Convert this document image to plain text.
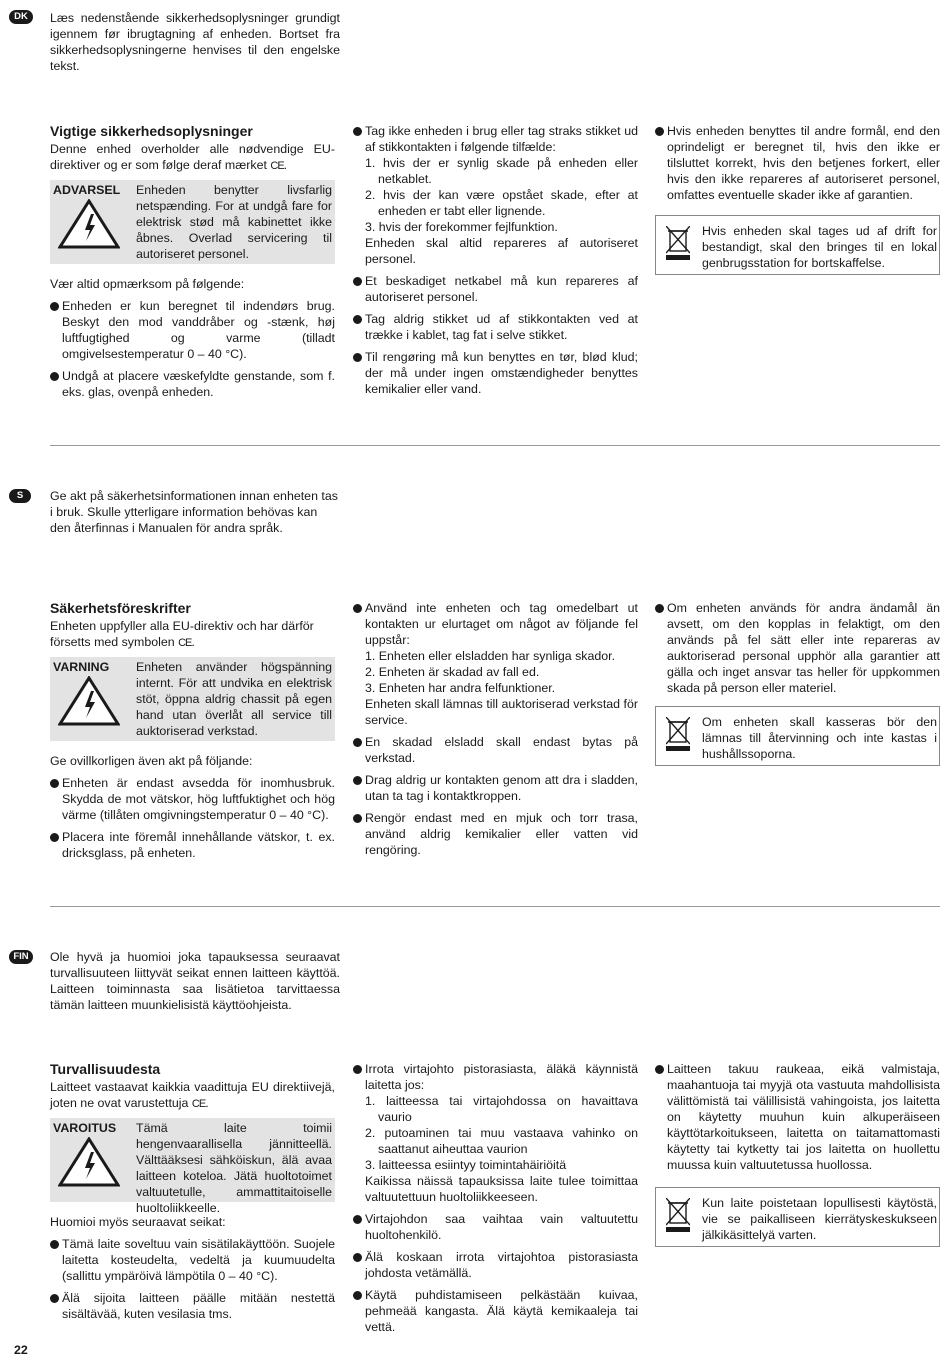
DK	Læs nedenstående sikkerhedsoplysninger grundigt igennem før ibrugtagning af enheden. Bortset fra sikkerhedsoplysningerne henvises til den engelske tekst.

Vigtige sikkerhedsoplysninger

Denne enhed overholder alle nødvendige EU-direktiver og er som følge deraf mærket CE.

ADVARSEL Enheden benytter livsfarlig netspænding. For at undgå fare for elektrisk stød må kabinettet ikke åbnes. Overlad servicering til autoriseret personel.

Vær altid opmærksom på følgende:

Enheden er kun beregnet til indendørs brug. Beskyt den mod vanddråber og -stænk, høj luftfugtighed og varme (tilladt omgivelsestemperatur 0 – 40 °C).
Undgå at placere væskefyldte genstande, som f. eks. glas, ovenpå enheden.
Tag ikke enheden i brug eller tag straks stikket ud af stikkontakten i følgende tilfælde:

1. hvis der er synlig skade på enheden eller netkablet.

2. hvis der kan være opstået skade, efter at enheden er tabt eller lignende.

3. hvis der forekommer fejlfunktion.

Enheden skal altid repareres af autoriseret personel.

Et beskadiget netkabel må kun repareres af autoriseret personel.
Tag aldrig stikket ud af stikkontakten ved at trække i kablet, tag fat i selve stikket.
Til rengøring må kun benyttes en tør, blød klud; der må under ingen omstændigheder benyttes kemikalier eller vand.
Hvis enheden benyttes til andre formål, end den oprindeligt er beregnet til, hvis den ikke er tilsluttet korrekt, hvis den betjenes forkert, eller hvis den ikke repareres af autoriseret personel, omfattes eventuelle skader ikke af garantien.

Hvis enheden skal tages ud af drift for bestandigt, skal den bringes til en lokal genbrugsstation for bortskaffelse.

S	Ge akt på säkerhetsinformationen innan enheten tas i bruk. Skulle ytterligare information behövas kan den återfinnas i Manualen för andra språk.

Säkerhetsföreskrifter

Enheten uppfyller alla EU-direktiv och har därför försetts med symbolen CE.

VARNING Enheten använder högspänning internt. För att undvika en elektrisk stöt, öppna aldrig chassit på egen hand utan överlåt all service till auktoriserad verkstad.

Ge ovillkorligen även akt på följande:

Enheten är endast avsedda för inomhusbruk. Skydda de mot vätskor, hög luftfuktighet och hög värme (tillåten omgivningstemperatur 0 – 40 °C).
Placera inte föremål innehållande vätskor, t. ex. dricksglass, på enheten.
Använd inte enheten och tag omedelbart ut kontakten ur elurtaget om något av följande fel uppstår:

1. Enheten eller elsladden har synliga skador.

2. Enheten är skadad av fall ed.

3. Enheten har andra felfunktioner.

Enheten skall lämnas till auktoriserad verkstad för service.

En skadad elsladd skall endast bytas på verkstad.
Drag aldrig ur kontakten genom att dra i sladden, utan ta tag i kontaktkroppen.
Rengör endast med en mjuk och torr trasa, använd aldrig kemikalier eller vatten vid rengöring.
Om enheten används för andra ändamål än avsett, om den kopplas in felaktigt, om den används på fel sätt eller inte repareras av auktoriserad personal upphör alla garantier att gälla och inget ansvar tas heller för uppkommen skada på person eller materiel.

Om enheten skall kasseras bör den lämnas till återvinning och inte kastas i hushållssoporna.

FIN	Ole hyvä ja huomioi joka tapauksessa seuraavat turvallisuuteen liittyvät seikat ennen laitteen käyttöä. Laitteen toiminnasta saa lisätietoa tarvittaessa tämän laitteen muunkielisistä käyttöohjeista.

Turvallisuudesta

Laitteet vastaavat kaikkia vaadittuja EU direktiivejä, joten ne ovat varustettuja CE.

VAROITUS Tämä laite toimii hengenvaarallisella jännitteellä. Välttääksesi sähköiskun, älä avaa laitteen koteloa. Jätä huoltotoimet valtuutetulle, ammattitaitoiselle huoltoliikkeelle.

Huomioi myös seuraavat seikat:

Tämä laite soveltuu vain sisätilakäyttöön. Suojele laitetta kosteudelta, vedeltä ja kuumuudelta (sallittu ympäröivä lämpötila 0 – 40 °C).
Älä sijoita laitteen päälle mitään nestettä sisältävää, kuten vesilasia tms.
Irrota virtajohto pistorasiasta, äläkä käynnistä laitetta jos:

1. laitteessa tai virtajohdossa on havaittava vaurio

2. putoaminen tai muu vastaava vahinko on saattanut aiheuttaa vaurion

3. laitteessa esiintyy toimintahäiriöitä

Kaikissa näissä tapauksissa laite tulee toimittaa valtuutettuun huoltoliikkeeseen.

Virtajohdon saa vaihtaa vain valtuutettu huoltohenkilö.
Älä koskaan irrota virtajohtoa pistorasiasta johdosta vetämällä.
Käytä puhdistamiseen pelkästään kuivaa, pehmeää kangasta. Älä käytä kemikaaleja tai vettä.
Laitteen takuu raukeaa, eikä valmistaja, maahantuoja tai myyjä ota vastuuta mahdollisista välittömistä tai välillisistä vahingoista, jos laitetta on käytetty muuhun kuin alkuperäiseen käyttötarkoitukseen, laitetta on taitamattomasti käytetty tai kytketty tai jos laitetta on huollettu muussa kuin valtuutetussa huollossa.

Kun laite poistetaan lopullisesti käytöstä, vie se paikalliseen kierrätyskeskukseen jälkikäsittelyä varten.

22
